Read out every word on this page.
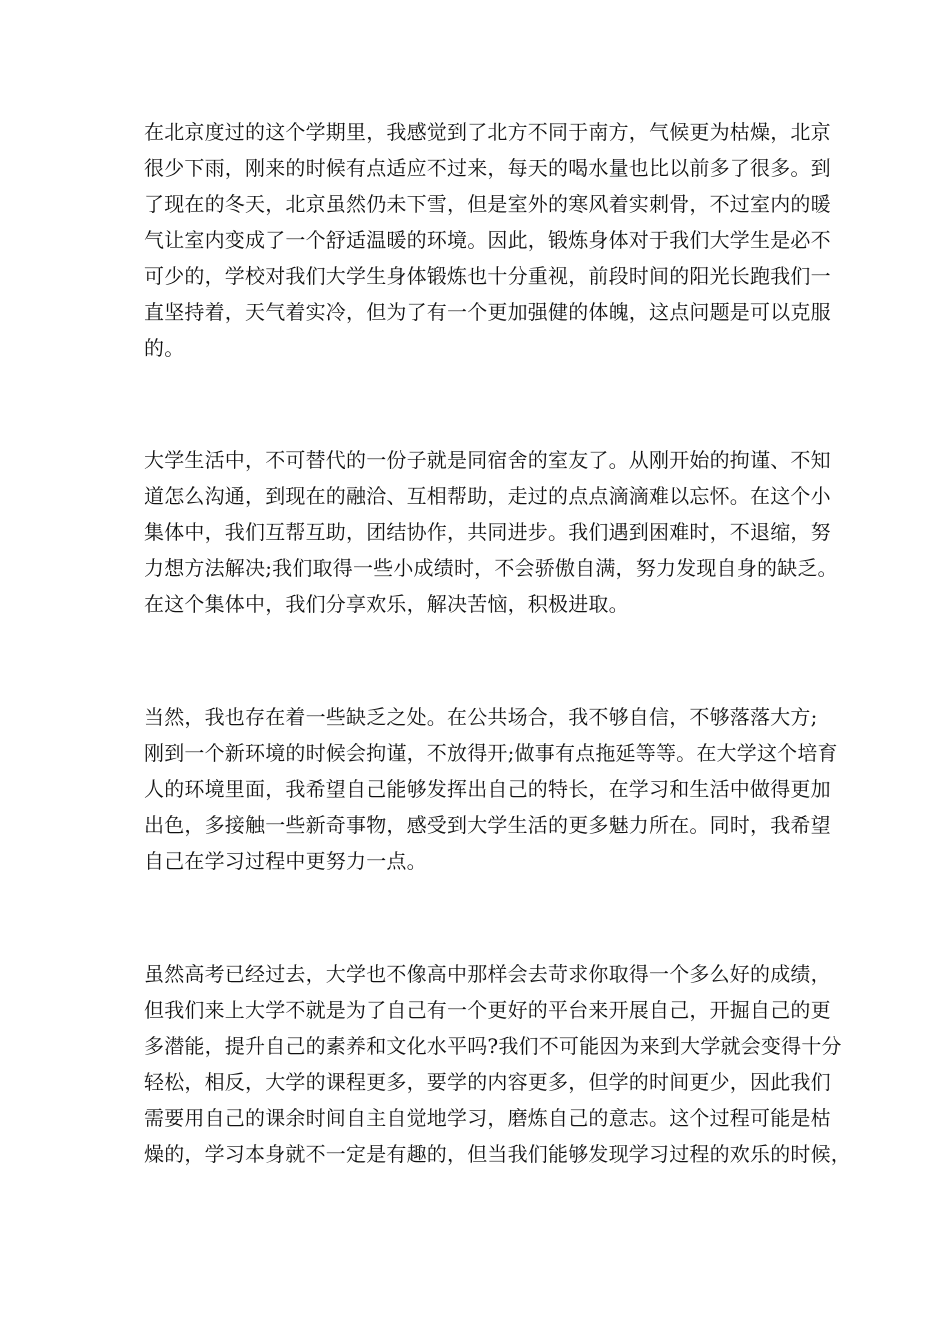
在北京度过的这个学期里，我感觉到了北方不同于南方，气候更为枯燥，北京
很少下雨，刚来的时候有点适应不过来，每天的喝水量也比以前多了很多。到
了现在的冬天，北京虽然仍未下雪，但是室外的寒风着实刺骨，不过室内的暖
气让室内变成了一个舒适温暖的环境。因此，锻炼身体对于我们大学生是必不
可少的，学校对我们大学生身体锻炼也十分重视，前段时间的阳光长跑我们一
直坚持着，天气着实冷，但为了有一个更加强健的体魄，这点问题是可以克服
的。
大学生活中，不可替代的一份子就是同宿舍的室友了。从刚开始的拘谨、不知
道怎么沟通，到现在的融洽、互相帮助，走过的点点滴滴难以忘怀。在这个小
集体中，我们互帮互助，团结协作，共同进步。我们遇到困难时，不退缩，努
力想方法解决;我们取得一些小成绩时，不会骄傲自满，努力发现自身的缺乏。
在这个集体中，我们分享欢乐，解决苦恼，积极进取。
当然，我也存在着一些缺乏之处。在公共场合，我不够自信，不够落落大方;
刚到一个新环境的时候会拘谨，不放得开;做事有点拖延等等。在大学这个培育
人的环境里面，我希望自己能够发挥出自己的特长，在学习和生活中做得更加
出色，多接触一些新奇事物，感受到大学生活的更多魅力所在。同时，我希望
自己在学习过程中更努力一点。
虽然高考已经过去，大学也不像高中那样会去苛求你取得一个多么好的成绩，
但我们来上大学不就是为了自己有一个更好的平台来开展自己，开掘自己的更
多潜能，提升自己的素养和文化水平吗?我们不可能因为来到大学就会变得十分
轻松，相反，大学的课程更多，要学的内容更多，但学的时间更少，因此我们
需要用自己的课余时间自主自觉地学习，磨炼自己的意志。这个过程可能是枯
燥的，学习本身就不一定是有趣的，但当我们能够发现学习过程的欢乐的时候，
